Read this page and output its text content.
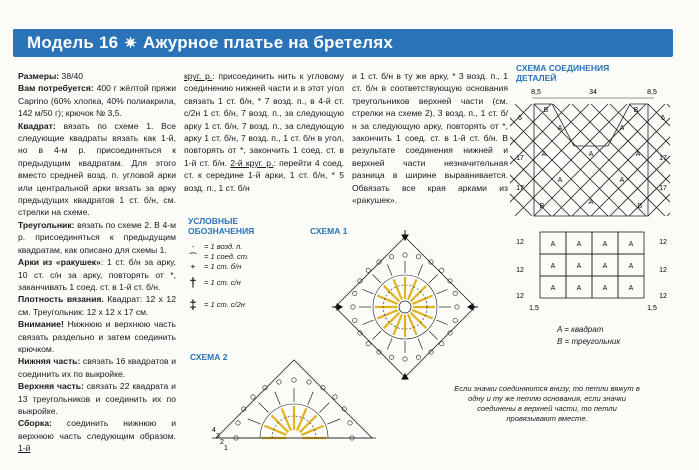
Модель 16 ✷ Ажурное платье на бретелях

Размеры: 38/40

Вам потребуется: 400 г жёлтой пряжи Caprino (60% хлопка, 40% полиакрила, 142 м/50 г); крючок № 3,5.

Квадрат: вязать по схеме 1. Все следующие квадраты вязать как 1-й, но в 4-м р. присоединяться к предыдущим квадратам. Для этого вместо средней возд. п. угловой арки или центральной арки вязать за арку предыдущих квадратов 1 ст. б/н, см. стрелки на схеме.

Треугольник: вязать по схеме 2. В 4-м р. присоединяться к предыдущим квадратам, как описано для схемы 1.

Арки из «ракушек»: 1 ст. б/н за арку, 10 ст. с/н за арку, повторять от *, заканчивать 1 соед. ст. в 1-й ст. б/н.

Плотность вязания. Квадрат: 12 x 12 см. Треугольник: 12 x 12 x 17 см.

Внимание! Нижнюю и верхнюю часть связать раздельно и затем соединить крючком.

Нижняя часть: связать 16 квадратов и соединить их по выкройке.

Верхняя часть: связать 22 квадрата и 13 треугольников и соединить их по выкройке.

Сборка: соединить нижнюю и верхнюю часть следующим образом. 1-й

круг. р.: присоединить нить к угловому соединению нижней части и в этот угол связать 1 ст. б/н, * 7 возд. п., в 4-й ст. с/2н 1 ст. б/н, 7 возд. п., за следующую арку 1 ст. б/н, 7 возд. п., за следующую арку 1 ст. б/н, 7 возд. п., 1 ст. б/н в угол, повторять от *, закончить 1 соед. ст. в 1-й ст. б/н. 2-й круг. р.: перейти 4 соед. ст. к середине 1-й арки, 1 ст. б/н, * 5 возд. п., 1 ст. б/н

и 1 ст. б/н в ту же арку, * 3 возд. п., 1 ст. б/н в соответствующую основания треугольников верхней части (см. стрелки на схеме 2), 3 возд. п., 1 ст. б/н за следующую арку, повторять от *, закончить 1 соед. ст. в 1-й ст. б/н. В результате соединения нижней и верхней части незначительная разница в ширине выравнивается. Обвязать все края арками из «ракушек».

УСЛОВНЫЕ ОБОЗНАЧЕНИЯ
∙	= 1 возд. п.
⌒ = 1 соед. ст.
+	= 1 ст. б/н
† = 1 ст. с/н
‡ = 1 ст. с/2н
СХЕМА 1
СХЕМА 2
4
3
2
1
СХЕМА СОЕДИНЕНИЯ ДЕТАЛЕЙ
8,5	34	8,5
6
17
17
12
12
12
6
17
17
12
12
12
1,5	1,5
A	A
A
A	A
A	A
A
B	B
B	B
A	A	A	A
A	A	A	A
A	A	A	A
A = квадрат
B = треугольник
Если значки соединяются внизу, то петли вяжут в одну и ту же петлю основания, если значки соединены в верхней части, то петли провязывают вместе.
